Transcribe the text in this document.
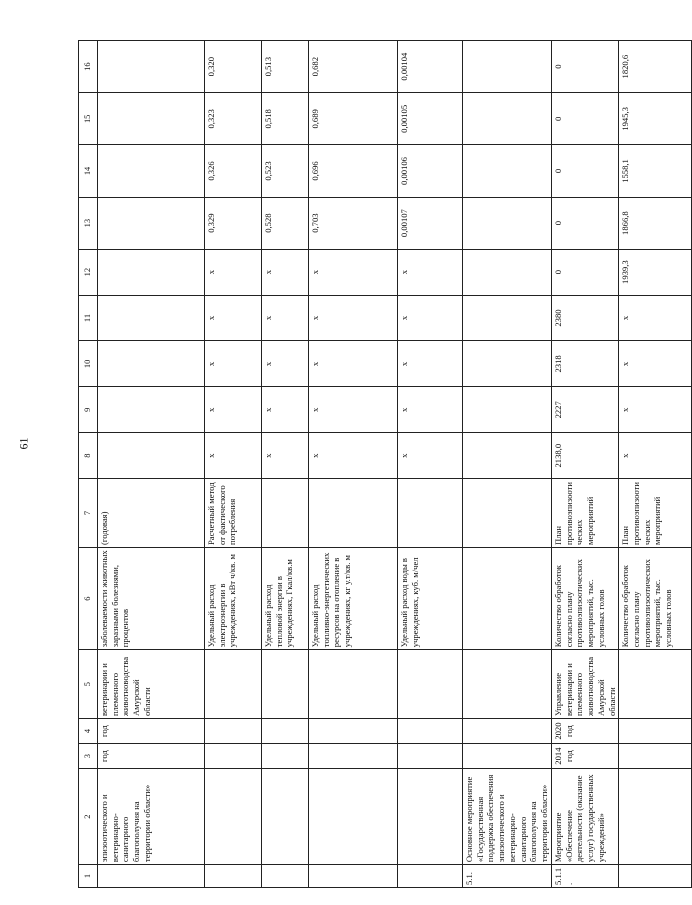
61
1	2	3	4	5	6	7	8	9	10	11	12	13	14	15	16
	эпизоотического и ветеринарно-санитарного благополучия на территории области»	год	год	ветеринарии и племенного животноводства Амурской области	заболеваемости животных заразными болезнями, процентов	(годовая)									
					Удельный расход электроэнергии в учреждениях, кВт ч/кв. м	Расчетный метод от фактического потребления	х	х	х	х	х	0,329	0,326	0,323	0,320
					Удельный расход тепловой энергии в учреждениях, Гкал/кв.м		х	х	х	х	х	0,528	0,523	0,518	0,513
					Удельный расход топливно-энергетических ресурсов на отопление в учреждениях, кг у.т/кв. м		х	х	х	х	х	0,703	0,696	0,689	0,682
					Удельный расход воды в учреждениях, куб. м/чел		х	х	х	х	х	0,00107	0,00106	0,00105	0,00104
5.1.	Основное мероприятие «Государственная поддержка обеспечения эпизоотического и ветеринарно-санитарного благополучия на территории области»														
5.1.1.	Мероприятие «Обеспечение деятельности (оказание услуг) государственных учреждений»	2014 год	2020 год	Управление ветеринарии и племенного животноводства Амурской области	Количество обработок согласно плану противоэпизоотических мероприятий, тыс. условных голов	План противоэпизоотических мероприятий	2138,0	2227	2318	2380	0	0	0	0	0
					Количество обработок согласно плану противоэпизоотических мероприятий, тыс. условных голов	План противоэпизоотических мероприятий	х	х	х	х	1939,3	1866,8	1558,1	1945,3	1820,6
